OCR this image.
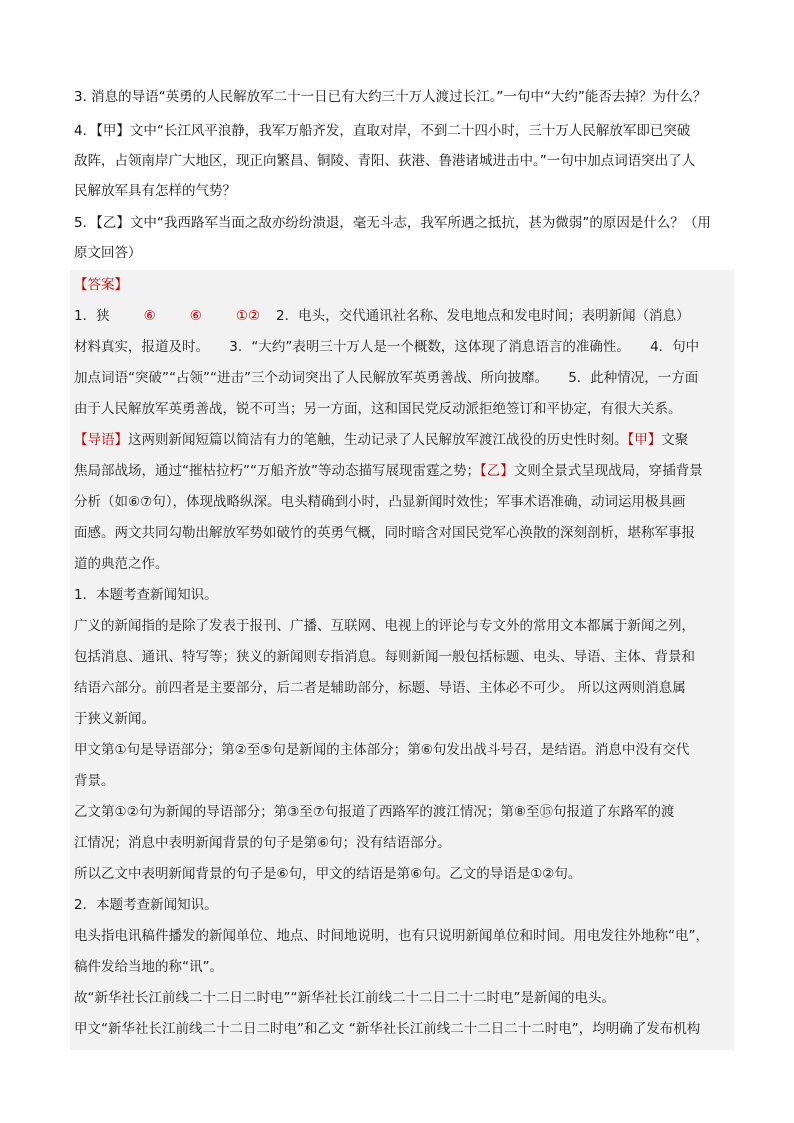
3. 消息的导语“英勇的人民解放军二十一日已有大约三十万人渡过长江。”一句中“大约”能否去掉？为什么？
4．【甲】文中“长江风平浪静，我军万船齐发，直取对岸，不到二十四小时，三十万人民解放军即已突破
敌阵，占领南岸广大地区，现正向繁昌、铜陵、青阳、荻港、鲁港诸城进击中。”一句中加点词语突出了人
民解放军具有怎样的气势？
5．【乙】文中“我西路军当面之敌亦纷纷溃退，毫无斗志，我军所遇之抵抗，甚为微弱”的原因是什么？（用
原文回答）

【答案】

1．狭	⑥	⑥	①② 2．电头，交代通讯社名称、发电地点和发电时间；表明新闻（消息）

材料真实，报道及时。　　3．“大约”表明三十万人是一个概数，这体现了消息语言的准确性。　　4．句中

加点词语“突破”“占领”“进击”三个动词突出了人民解放军英勇善战、所向披靡。　　5．此种情况，一方面

由于人民解放军英勇善战，锐不可当；另一方面，这和国民党反动派拒绝签订和平协定，有很大关系。

【导语】这两则新闻短篇以简洁有力的笔触，生动记录了人民解放军渡江战役的历史性时刻。【甲】文聚

焦局部战场，通过“摧枯拉朽”“万船齐放”等动态描写展现雷霆之势；【乙】文则全景式呈现战局，穿插背景

分析（如⑥⑦句），体现战略纵深。电头精确到小时，凸显新闻时效性；军事术语准确，动词运用极具画

面感。两文共同勾勒出解放军势如破竹的英勇气概，同时暗含对国民党军心涣散的深刻剖析，堪称军事报

道的典范之作。

1．本题考查新闻知识。

广义的新闻指的是除了发表于报刊、广播、互联网、电视上的评论与专文外的常用文本都属于新闻之列，

包括消息、通讯、特写等；狭义的新闻则专指消息。每则新闻一般包括标题、电头、导语、主体、背景和

结语六部分。前四者是主要部分，后二者是辅助部分，标题、导语、主体必不可少。 所以这两则消息属

于狭义新闻。

甲文第①句是导语部分；第②至⑤句是新闻的主体部分；第⑥句发出战斗号召，是结语。消息中没有交代

背景。

乙文第①②句为新闻的导语部分；第③至⑦句报道了西路军的渡江情况；第⑧至⑮句报道了东路军的渡

江情况；消息中表明新闻背景的句子是第⑥句；没有结语部分。

所以乙文中表明新闻背景的句子是⑥句，甲文的结语是第⑥句。乙文的导语是①②句。

2．本题考查新闻知识。

电头指电讯稿件播发的新闻单位、地点、时间地说明，也有只说明新闻单位和时间。用电发往外地称“电”，

稿件发给当地的称“讯”。

故“新华社长江前线二十二日二时电”“新华社长江前线二十二日二十二时电”是新闻的电头。

甲文“新华社长江前线二十二日二时电”和乙文 “新华社长江前线二十二日二十二时电”，均明确了发布机构
